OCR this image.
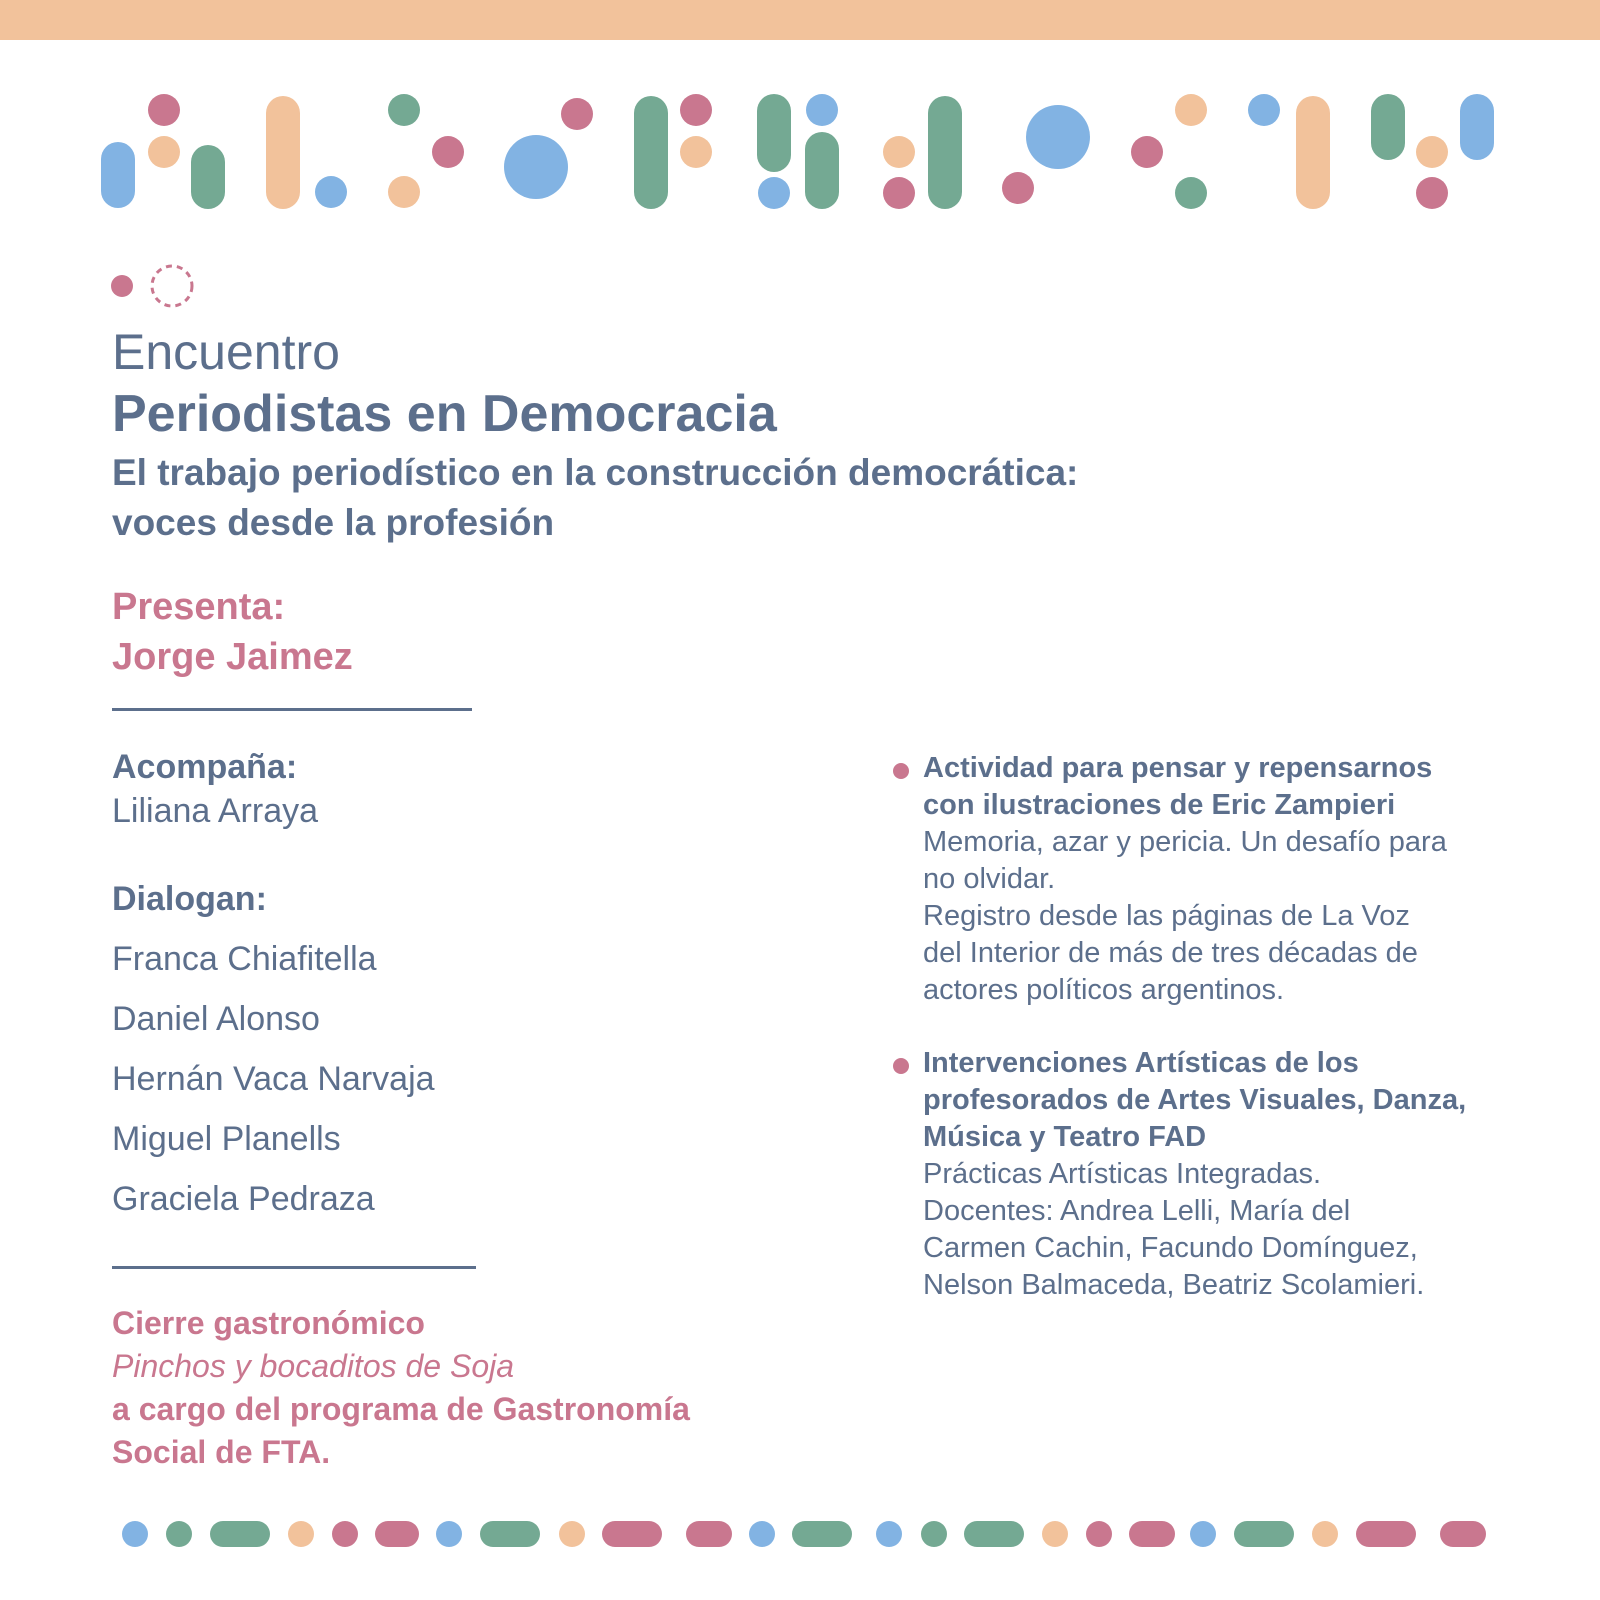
Encuentro
Periodistas en Democracia
El trabajo periodístico en la construcción democrática:
voces desde la profesión
Presenta:
Jorge Jaimez
Acompaña:
Liliana Arraya
Dialogan:
Franca Chiafitella
Daniel Alonso
Hernán Vaca Narvaja
Miguel Planells
Graciela Pedraza
Cierre gastronómico
Pinchos y bocaditos de Soja
a cargo del programa de Gastronomía
Social de FTA.
Actividad para pensar y repensarnos
con ilustraciones de Eric Zampieri
Memoria, azar y pericia. Un desafío para
no olvidar.
Registro desde las páginas de La Voz
del Interior de más de tres décadas de
actores políticos argentinos.
Intervenciones Artísticas de los
profesorados de Artes Visuales, Danza,
Música y Teatro FAD
Prácticas Artísticas Integradas.
Docentes: Andrea Lelli, María del
Carmen Cachin, Facundo Domínguez,
Nelson Balmaceda, Beatriz Scolamieri.
